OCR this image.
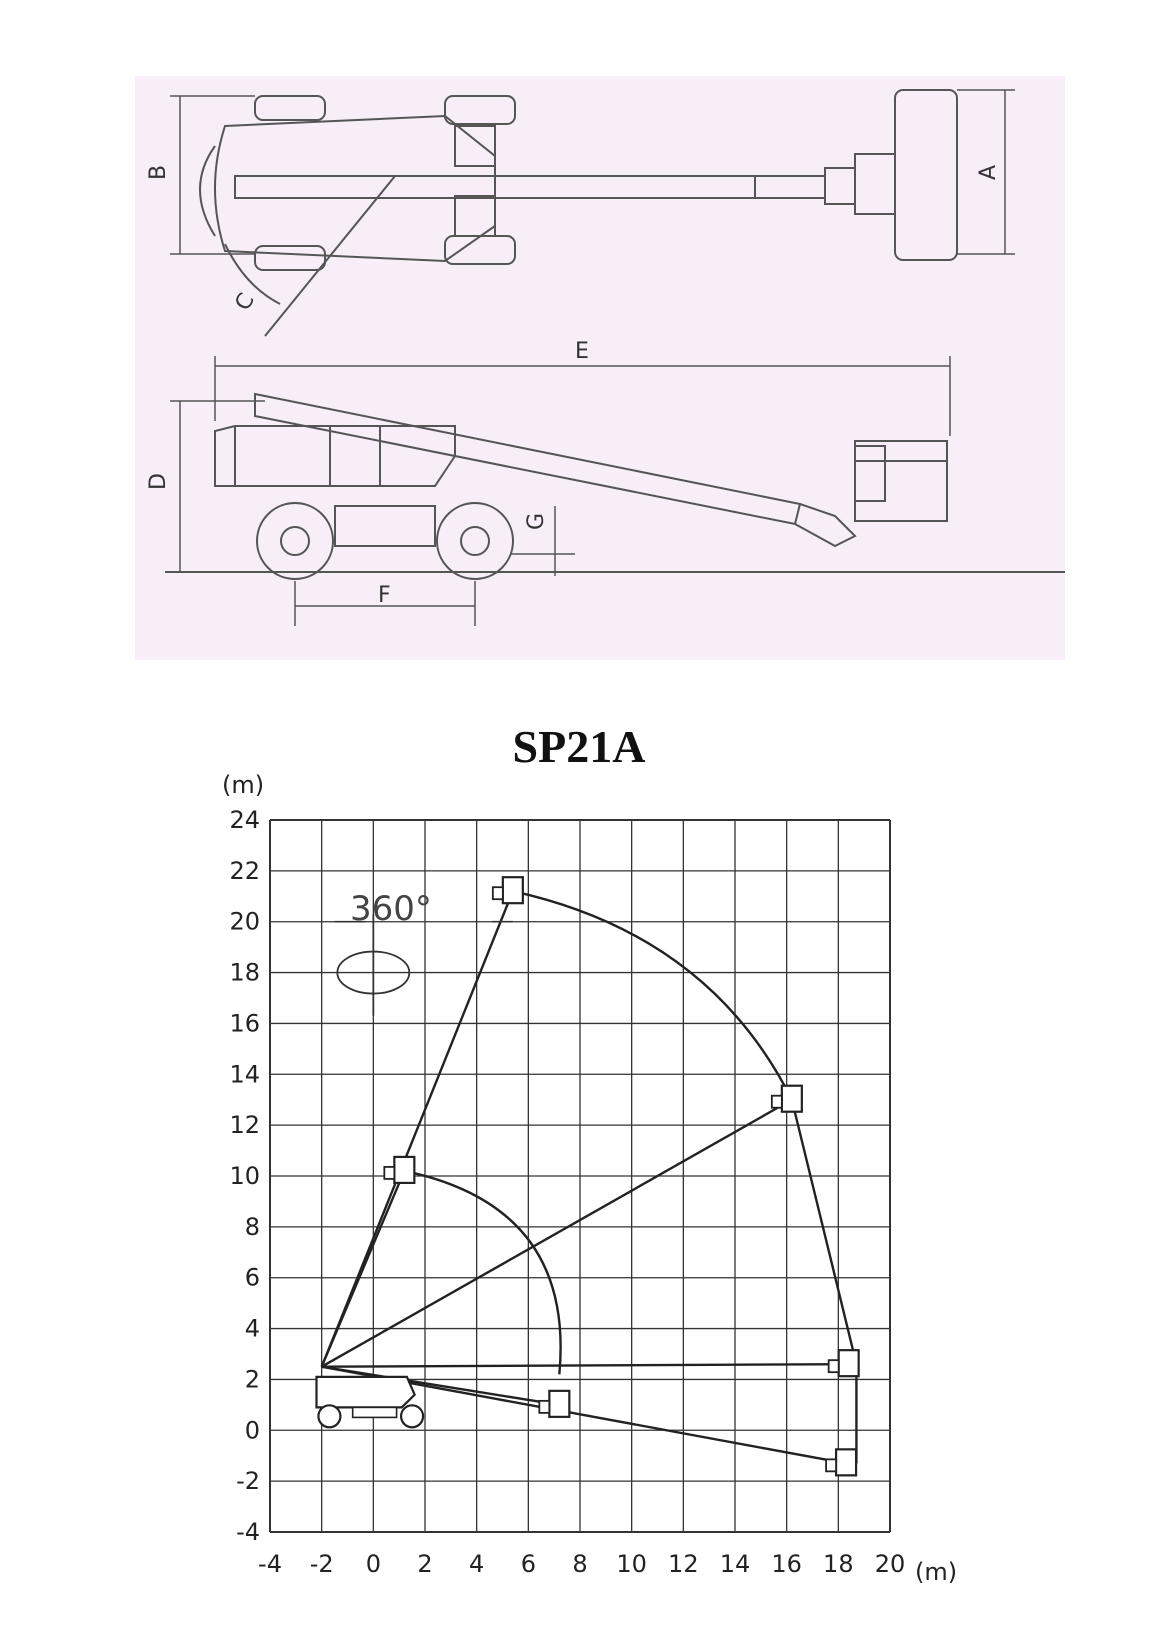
B	A
C
E
D
F
G
SP21A
-4 -2 0 2 4 6 8 10 12 14 16 18 20
24
22
20
18
16
14
12
10
8
6
4
2
0
-2
-4
(m)
(m)
360°
